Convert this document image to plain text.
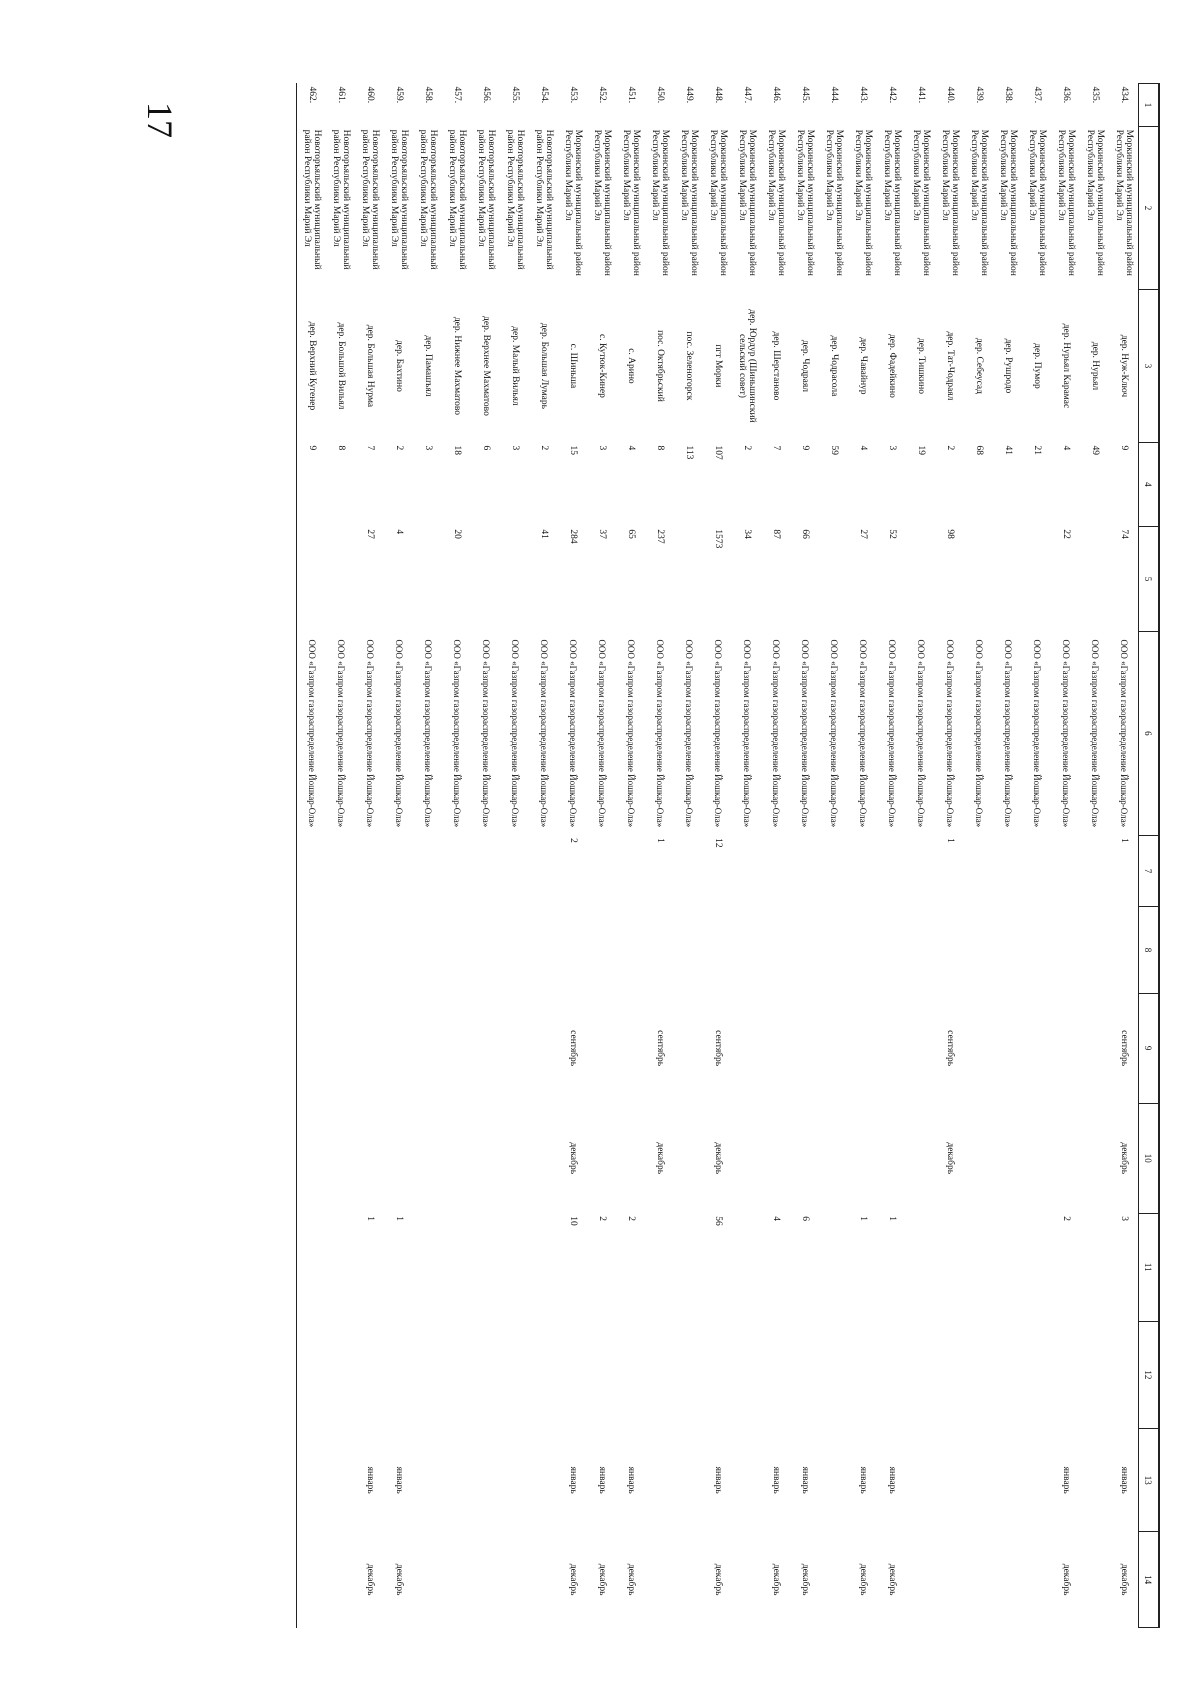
17	1	2	3	4	5	6	7	8	9	10	11	12	13	14
434.	Моркинский муниципальный район Республики Марий Эл	дер. Нуж-Ключ	9	74	ООО «Газпром газораспределение Йошкар-Ола»	1		сентябрь	декабрь	3		январь	декабрь
435.	Моркинский муниципальный район Республики Марий Эл	дер. Нурьял	49		ООО «Газпром газораспределение Йошкар-Ола»								
436.	Моркинский муниципальный район Республики Марий Эл	дер. Нурьял Карамас	4	22	ООО «Газпром газораспределение Йошкар-Ола»					2		январь	декабрь
437.	Моркинский муниципальный район Республики Марий Эл	дер. Пумор	21		ООО «Газпром газораспределение Йошкар-Ола»								
438.	Моркинский муниципальный район Республики Марий Эл	дер. Рушродо	41		ООО «Газпром газораспределение Йошкар-Ола»								
439.	Моркинский муниципальный район Республики Марий Эл	дер. Себеусад	68		ООО «Газпром газораспределение Йошкар-Ола»								
440.	Моркинский муниципальный район Республики Марий Эл	дер. Тат-Чодраял	2	98	ООО «Газпром газораспределение Йошкар-Ола»	1		сентябрь	декабрь				
441.	Моркинский муниципальный район Республики Марий Эл	дер. Тишкино	19		ООО «Газпром газораспределение Йошкар-Ола»								
442.	Моркинский муниципальный район Республики Марий Эл	дер. Фадейкино	3	52	ООО «Газпром газораспределение Йошкар-Ола»					1		январь	декабрь
443.	Моркинский муниципальный район Республики Марий Эл	дер. Чавайнур	4	27	ООО «Газпром газораспределение Йошкар-Ола»					1		январь	декабрь
444.	Моркинский муниципальный район Республики Марий Эл	дер. Чодрасола	59		ООО «Газпром газораспределение Йошкар-Ола»								
445.	Моркинский муниципальный район Республики Марий Эл	дер. Чодраял	9	66	ООО «Газпром газораспределение Йошкар-Ола»					6		январь	декабрь
446.	Моркинский муниципальный район Республики Марий Эл	дер. Шерстаново	7	87	ООО «Газпром газораспределение Йошкар-Ола»					4		январь	декабрь
447.	Моркинский муниципальный район Республики Марий Эл	дер. Юрдур (Шиньшинский сельский совет)	2	34	ООО «Газпром газораспределение Йошкар-Ола»								
448.	Моркинский муниципальный район Республики Марий Эл	пгт Морки	107	1573	ООО «Газпром газораспределение Йошкар-Ола»	12		сентябрь	декабрь	56		январь	декабрь
449.	Моркинский муниципальный район Республики Марий Эл	пос. Зеленогорск	113		ООО «Газпром газораспределение Йошкар-Ола»								
450.	Моркинский муниципальный район Республики Марий Эл	пос. Октябрьский	8	237	ООО «Газпром газораспределение Йошкар-Ола»	1		сентябрь	декабрь				
451.	Моркинский муниципальный район Республики Марий Эл	с. Арино	4	65	ООО «Газпром газораспределение Йошкар-Ола»					2		январь	декабрь
452.	Моркинский муниципальный район Республики Марий Эл	с. Кутюк-Кинер	3	37	ООО «Газпром газораспределение Йошкар-Ола»					2		январь	декабрь
453.	Моркинский муниципальный район Республики Марий Эл	с. Шиньша	15	284	ООО «Газпром газораспределение Йошкар-Ола»	2		сентябрь	декабрь	10		январь	декабрь
454.	Новоторъяльский муниципальный район Республики Марий Эл	дер. Большая Лумарь	2	41	ООО «Газпром газораспределение Йошкар-Ола»								
455.	Новоторъяльский муниципальный район Республики Марий Эл	дер. Малый Вильял	3		ООО «Газпром газораспределение Йошкар-Ола»								
456.	Новоторъяльский муниципальный район Республики Марий Эл	дер. Верхнее Махматово	6		ООО «Газпром газораспределение Йошкар-Ола»								
457.	Новоторъяльский муниципальный район Республики Марий Эл	дер. Нижнее Махматово	18	20	ООО «Газпром газораспределение Йошкар-Ола»								
458.	Новоторъяльский муниципальный район Республики Марий Эл	дер. Памашъял	3		ООО «Газпром газораспределение Йошкар-Ола»								
459.	Новоторъяльский муниципальный район Республики Марий Эл	дер. Бахтино	2	4	ООО «Газпром газораспределение Йошкар-Ола»					1		январь	декабрь
460.	Новоторъяльский муниципальный район Республики Марий Эл	дер. Большая Нурма	7	27	ООО «Газпром газораспределение Йошкар-Ола»					1		январь	декабрь
461.	Новоторъяльский муниципальный район Республики Марий Эл	дер. Большой Вильял	8		ООО «Газпром газораспределение Йошкар-Ола»								
462.	Новоторъяльский муниципальный район Республики Марий Эл	дер. Верхний Кугенер	9		ООО «Газпром газораспределение Йошкар-Ола»								
